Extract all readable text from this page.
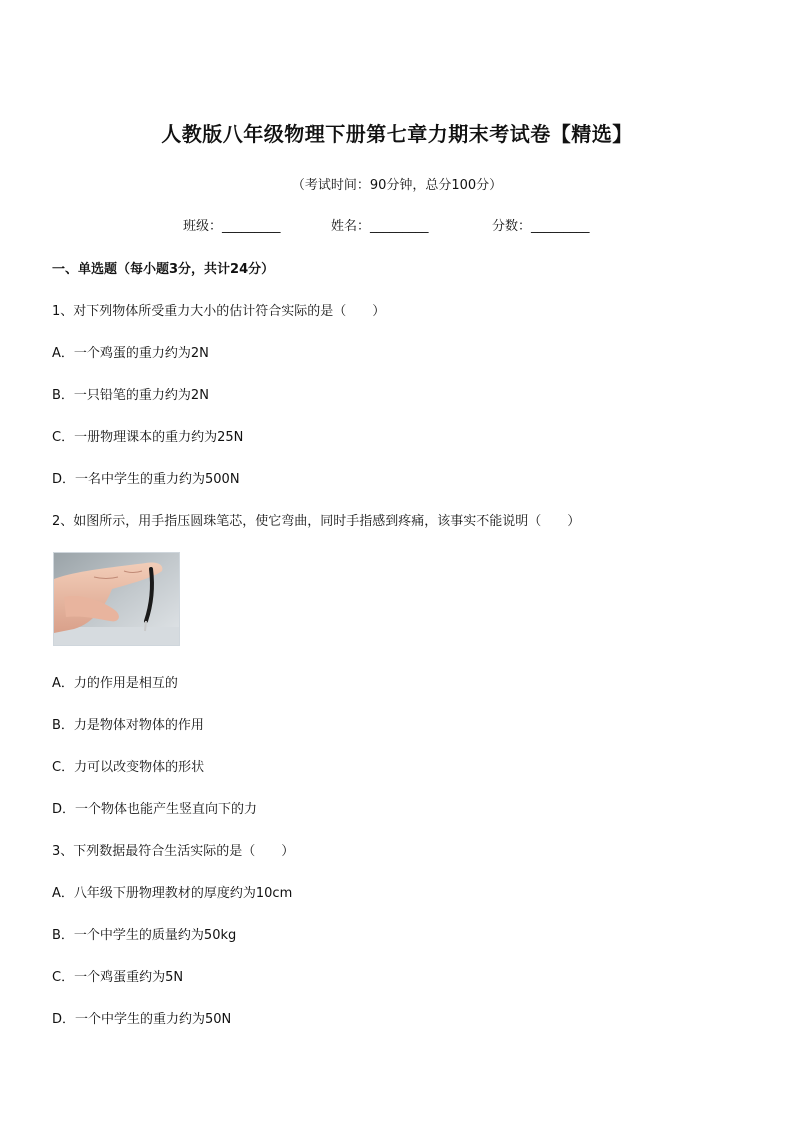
人教版八年级物理下册第七章力期末考试卷【精选】
（考试时间：90分钟，总分100分）
班级：_________	姓名：_________	分数：_________
一、单选题（每小题3分，共计24分）
1、对下列物体所受重力大小的估计符合实际的是（　　）
A．一个鸡蛋的重力约为2N
B．一只铅笔的重力约为2N
C．一册物理课本的重力约为25N
D．一名中学生的重力约为500N
2、如图所示，用手指压圆珠笔芯，使它弯曲，同时手指感到疼痛，该事实不能说明（　　）
A．力的作用是相互的
B．力是物体对物体的作用
C．力可以改变物体的形状
D．一个物体也能产生竖直向下的力
3、下列数据最符合生活实际的是（　　）
A．八年级下册物理教材的厚度约为10cm
B．一个中学生的质量约为50kg
C．一个鸡蛋重约为5N
D．一个中学生的重力约为50N
